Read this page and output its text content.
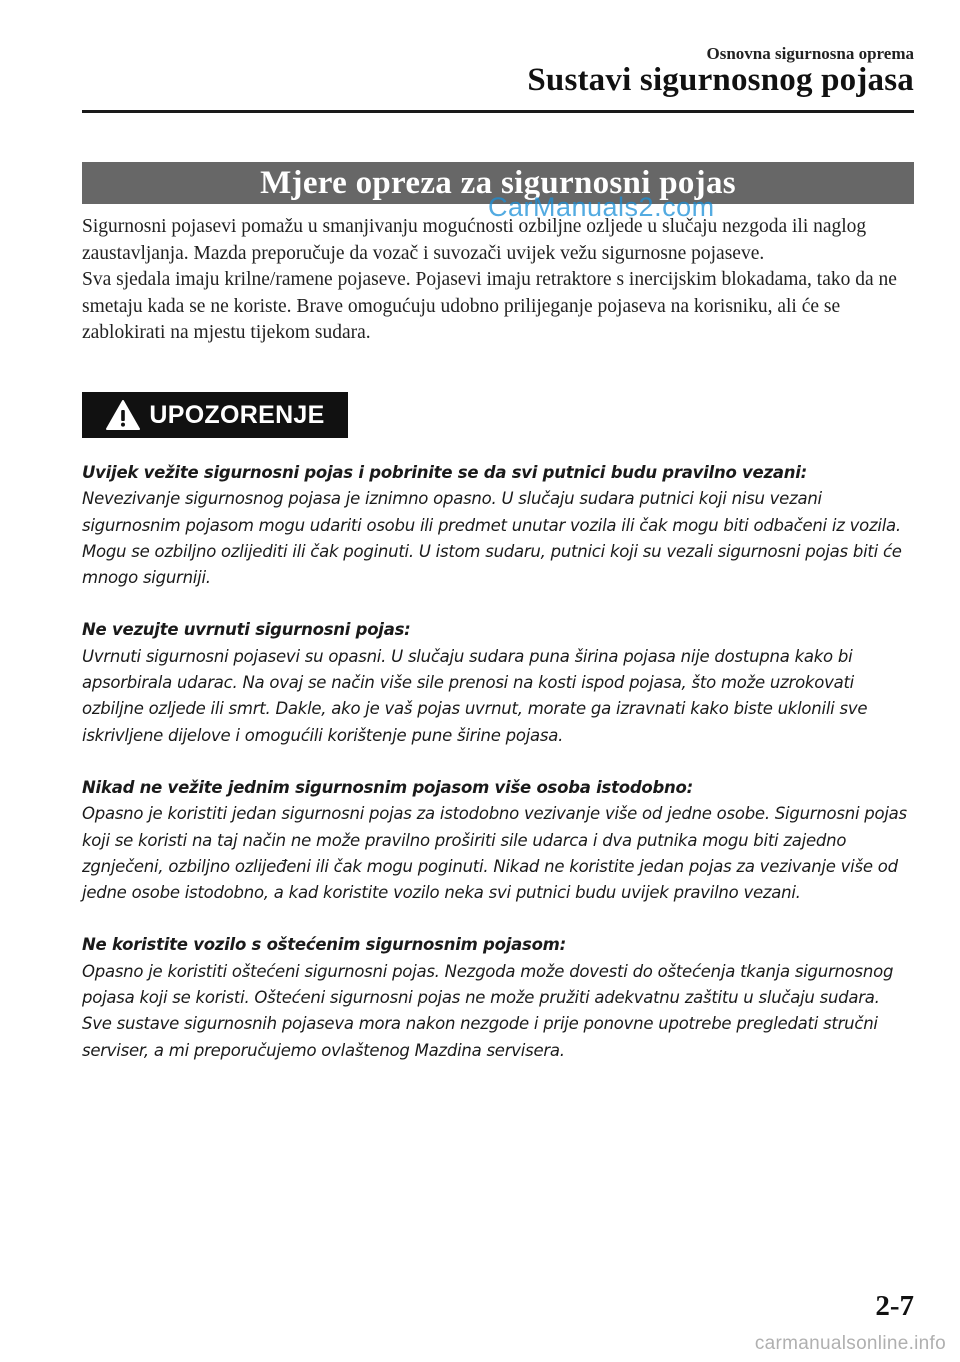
Osnovna sigurnosna oprema
Sustavi sigurnosnog pojasa
Mjere opreza za sigurnosni pojas
CarManuals2.com

Sigurnosni pojasevi pomažu u smanjivanju mogućnosti ozbiljne ozljede u slučaju nezgoda ili naglog zaustavljanja. Mazda preporučuje da vozač i suvozači uvijek vežu sigurnosne pojaseve.

Sva sjedala imaju krilne/ramene pojaseve. Pojasevi imaju retraktore s inercijskim blokadama, tako da ne smetaju kada se ne koriste. Brave omogućuju udobno prilijeganje pojaseva na korisniku, ali će se zablokirati na mjestu tijekom sudara.

UPOZORENJE
Uvijek vežite sigurnosni pojas i pobrinite se da svi putnici budu pravilno vezani:
Nevezivanje sigurnosnog pojasa je iznimno opasno. U slučaju sudara putnici koji nisu vezani sigurnosnim pojasom mogu udariti osobu ili predmet unutar vozila ili čak mogu biti odbačeni iz vozila. Mogu se ozbiljno ozlijediti ili čak poginuti. U istom sudaru, putnici koji su vezali sigurnosni pojas biti će mnogo sigurniji.
Ne vezujte uvrnuti sigurnosni pojas:
Uvrnuti sigurnosni pojasevi su opasni. U slučaju sudara puna širina pojasa nije dostupna kako bi apsorbirala udarac. Na ovaj se način više sile prenosi na kosti ispod pojasa, što može uzrokovati ozbiljne ozljede ili smrt. Dakle, ako je vaš pojas uvrnut, morate ga izravnati kako biste uklonili sve iskrivljene dijelove i omogućili korištenje pune širine pojasa.
Nikad ne vežite jednim sigurnosnim pojasom više osoba istodobno:
Opasno je koristiti jedan sigurnosni pojas za istodobno vezivanje više od jedne osobe. Sigurnosni pojas koji se koristi na taj način ne može pravilno proširiti sile udarca i dva putnika mogu biti zajedno zgnječeni, ozbiljno ozlijeđeni ili čak mogu poginuti. Nikad ne koristite jedan pojas za vezivanje više od jedne osobe istodobno, a kad koristite vozilo neka svi putnici budu uvijek pravilno vezani.
Ne koristite vozilo s oštećenim sigurnosnim pojasom:
Opasno je koristiti oštećeni sigurnosni pojas. Nezgoda može dovesti do oštećenja tkanja sigurnosnog pojasa koji se koristi. Oštećeni sigurnosni pojas ne može pružiti adekvatnu zaštitu u slučaju sudara. Sve sustave sigurnosnih pojaseva mora nakon nezgode i prije ponovne upotrebe pregledati stručni serviser, a mi preporučujemo ovlaštenog Mazdina servisera.
2-7
carmanualsonline.info
